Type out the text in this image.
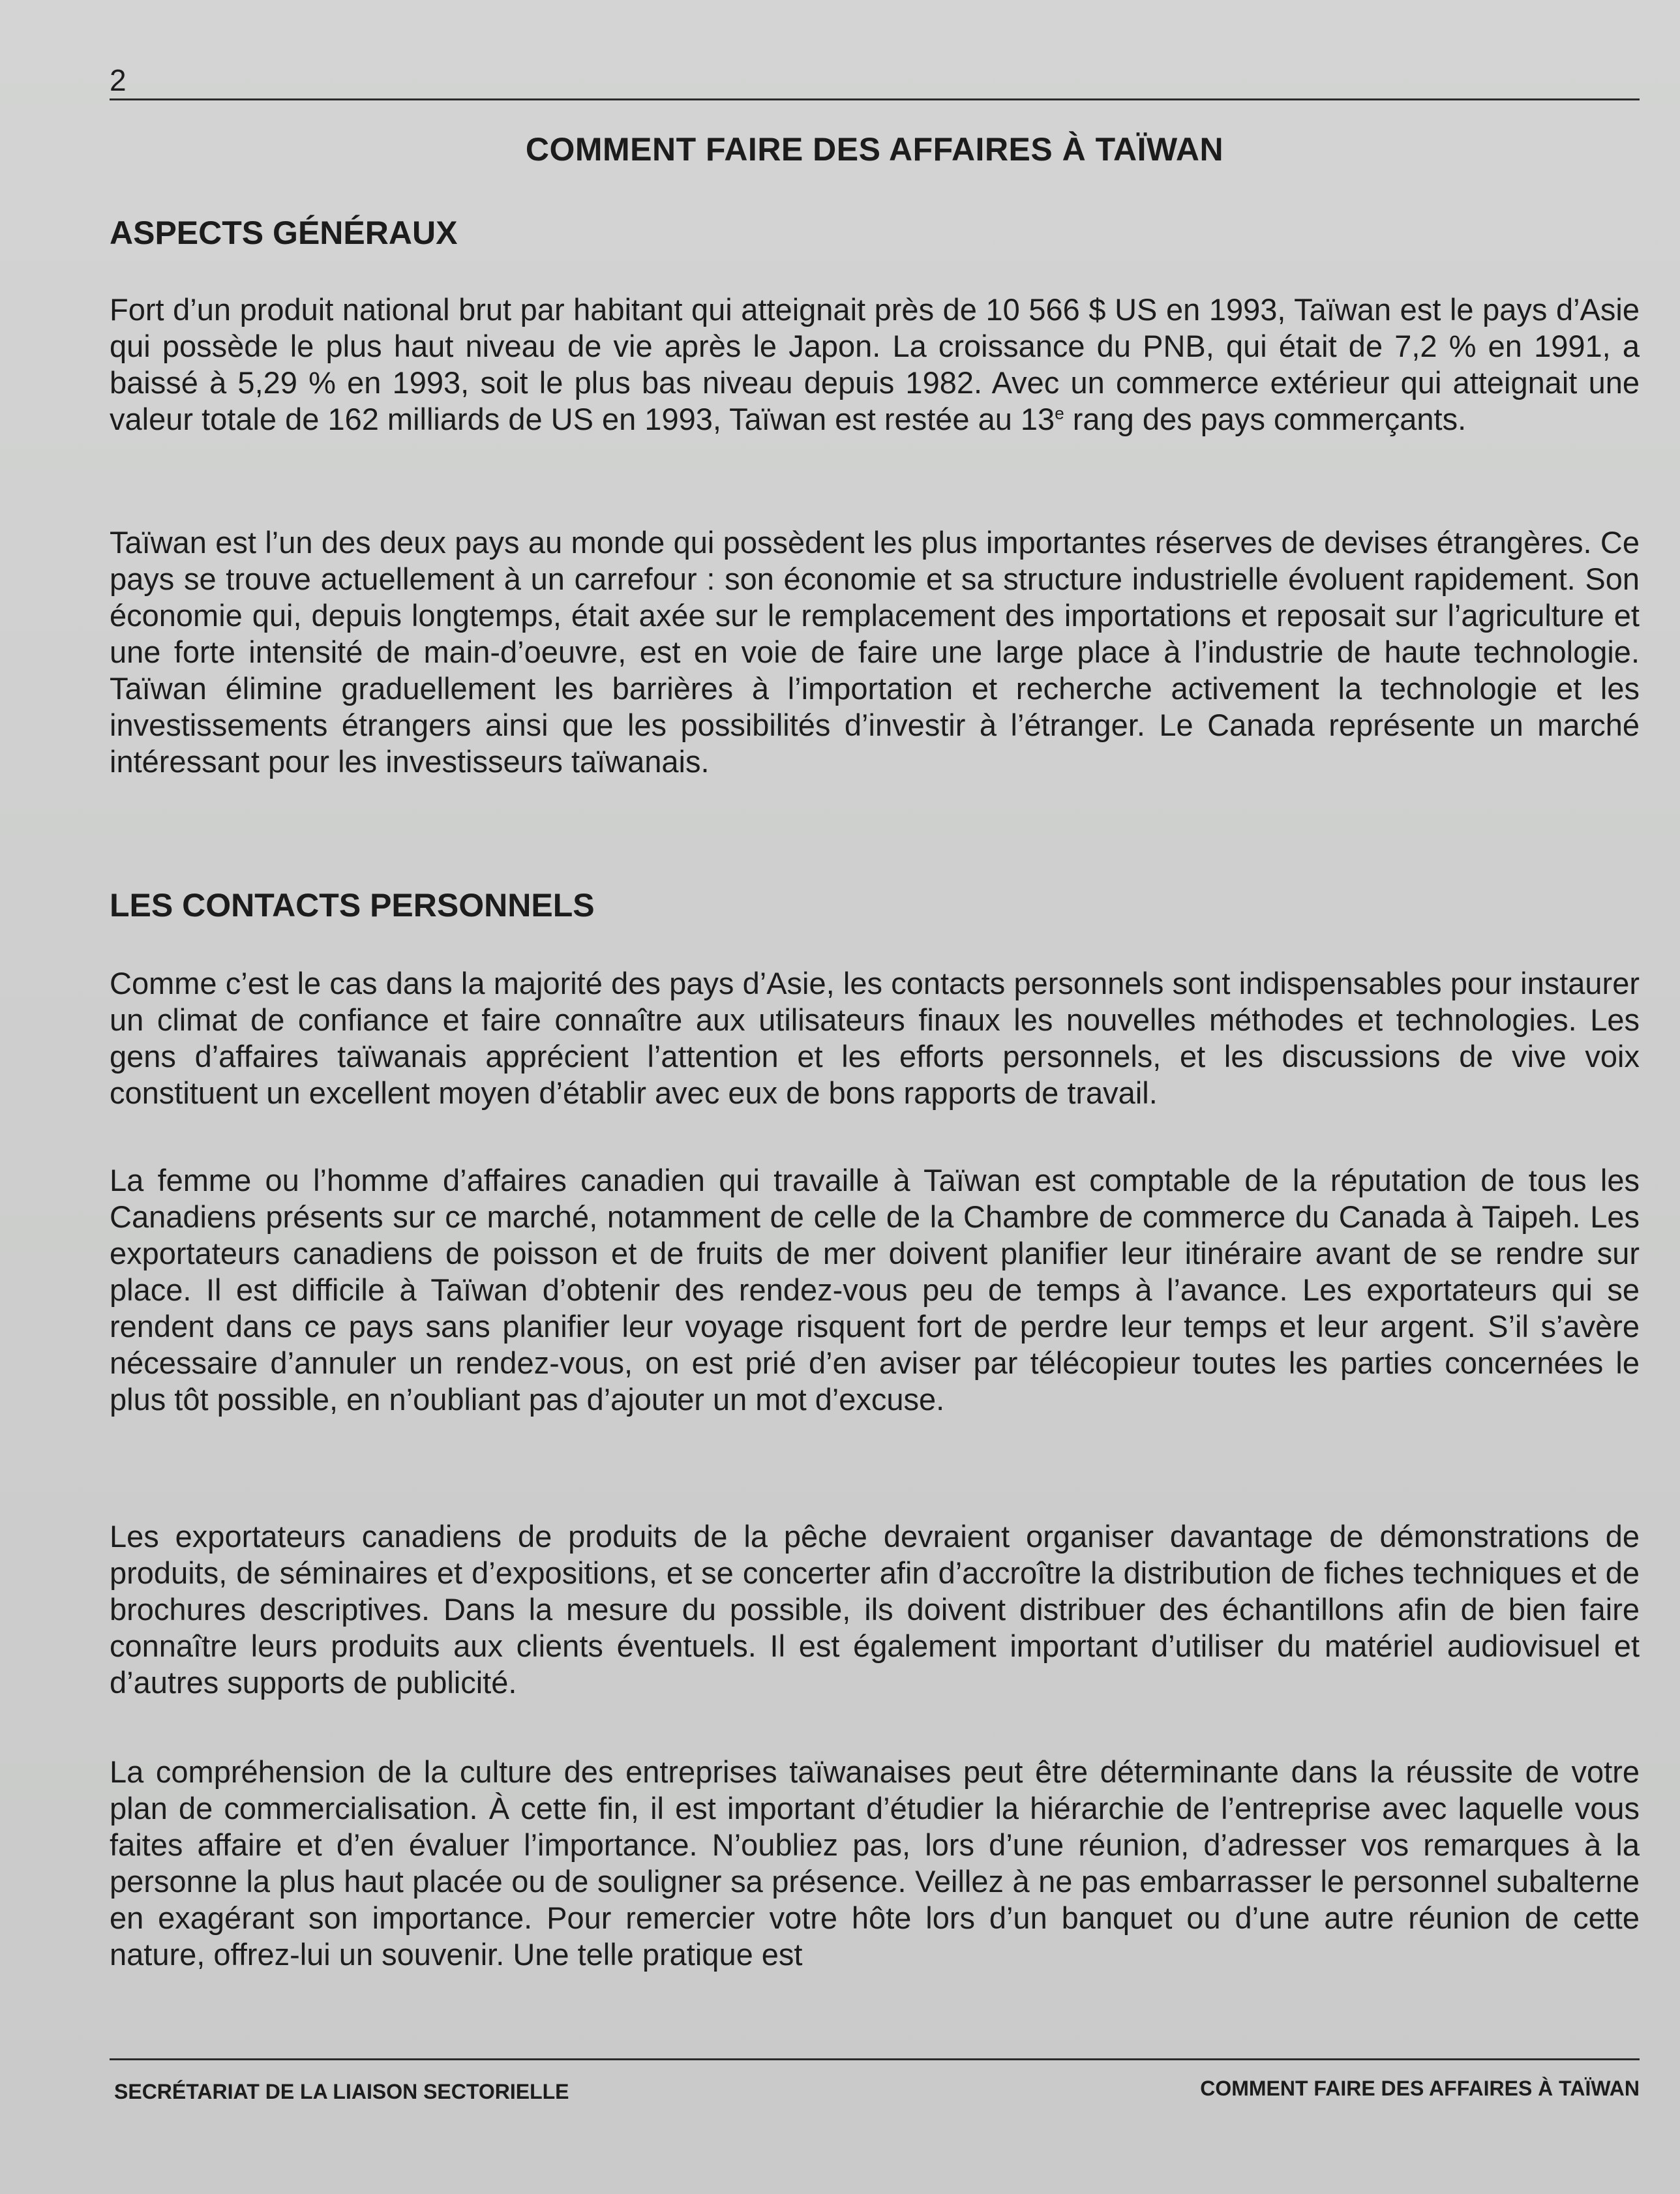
2
COMMENT FAIRE DES AFFAIRES À TAÏWAN
ASPECTS GÉNÉRAUX

Fort d’un produit national brut par habitant qui atteignait près de 10 566 $ US en 1993, Taïwan est le pays d’Asie qui possède le plus haut niveau de vie après le Japon. La croissance du PNB, qui était de 7,2 % en 1991, a baissé à 5,29 % en 1993, soit le plus bas niveau depuis 1982. Avec un commerce extérieur qui atteignait une valeur totale de 162 milliards de US en 1993, Taïwan est restée au 13e rang des pays commerçants.

Taïwan est l’un des deux pays au monde qui possèdent les plus importantes réserves de devises étrangères. Ce pays se trouve actuellement à un carrefour : son économie et sa structure industrielle évoluent rapidement. Son économie qui, depuis longtemps, était axée sur le remplacement des importations et reposait sur l’agriculture et une forte intensité de main-d’oeuvre, est en voie de faire une large place à l’industrie de haute technologie. Taïwan élimine graduellement les barrières à l’importation et recherche activement la technologie et les investissements étrangers ainsi que les possibilités d’investir à l’étranger. Le Canada représente un marché intéressant pour les investisseurs taïwanais.

LES CONTACTS PERSONNELS

Comme c’est le cas dans la majorité des pays d’Asie, les contacts personnels sont indispensables pour instaurer un climat de confiance et faire connaître aux utilisateurs finaux les nouvelles méthodes et technologies. Les gens d’affaires taïwanais apprécient l’attention et les efforts personnels, et les discussions de vive voix constituent un excellent moyen d’établir avec eux de bons rapports de travail.

La femme ou l’homme d’affaires canadien qui travaille à Taïwan est comptable de la réputation de tous les Canadiens présents sur ce marché, notamment de celle de la Chambre de commerce du Canada à Taipeh. Les exportateurs canadiens de poisson et de fruits de mer doivent planifier leur itinéraire avant de se rendre sur place. Il est difficile à Taïwan d’obtenir des rendez-vous peu de temps à l’avance. Les exportateurs qui se rendent dans ce pays sans planifier leur voyage risquent fort de perdre leur temps et leur argent. S’il s’avère nécessaire d’annuler un rendez-vous, on est prié d’en aviser par télécopieur toutes les parties concernées le plus tôt possible, en n’oubliant pas d’ajouter un mot d’excuse.

Les exportateurs canadiens de produits de la pêche devraient organiser davantage de démonstrations de produits, de séminaires et d’expositions, et se concerter afin d’accroître la distribution de fiches techniques et de brochures descriptives. Dans la mesure du possible, ils doivent distribuer des échantillons afin de bien faire connaître leurs produits aux clients éventuels. Il est également important d’utiliser du matériel audiovisuel et d’autres supports de publicité.

La compréhension de la culture des entreprises taïwanaises peut être déterminante dans la réussite de votre plan de commercialisation. À cette fin, il est important d’étudier la hiérarchie de l’entreprise avec laquelle vous faites affaire et d’en évaluer l’importance. N’oubliez pas, lors d’une réunion, d’adresser vos remarques à la personne la plus haut placée ou de souligner sa présence. Veillez à ne pas embarrasser le personnel subalterne en exagérant son importance. Pour remercier votre hôte lors d’un banquet ou d’une autre réunion de cette nature, offrez-lui un souvenir. Une telle pratique est

SECRÉTARIAT DE LA LIAISON SECTORIELLE	COMMENT FAIRE DES AFFAIRES À TAÏWAN
